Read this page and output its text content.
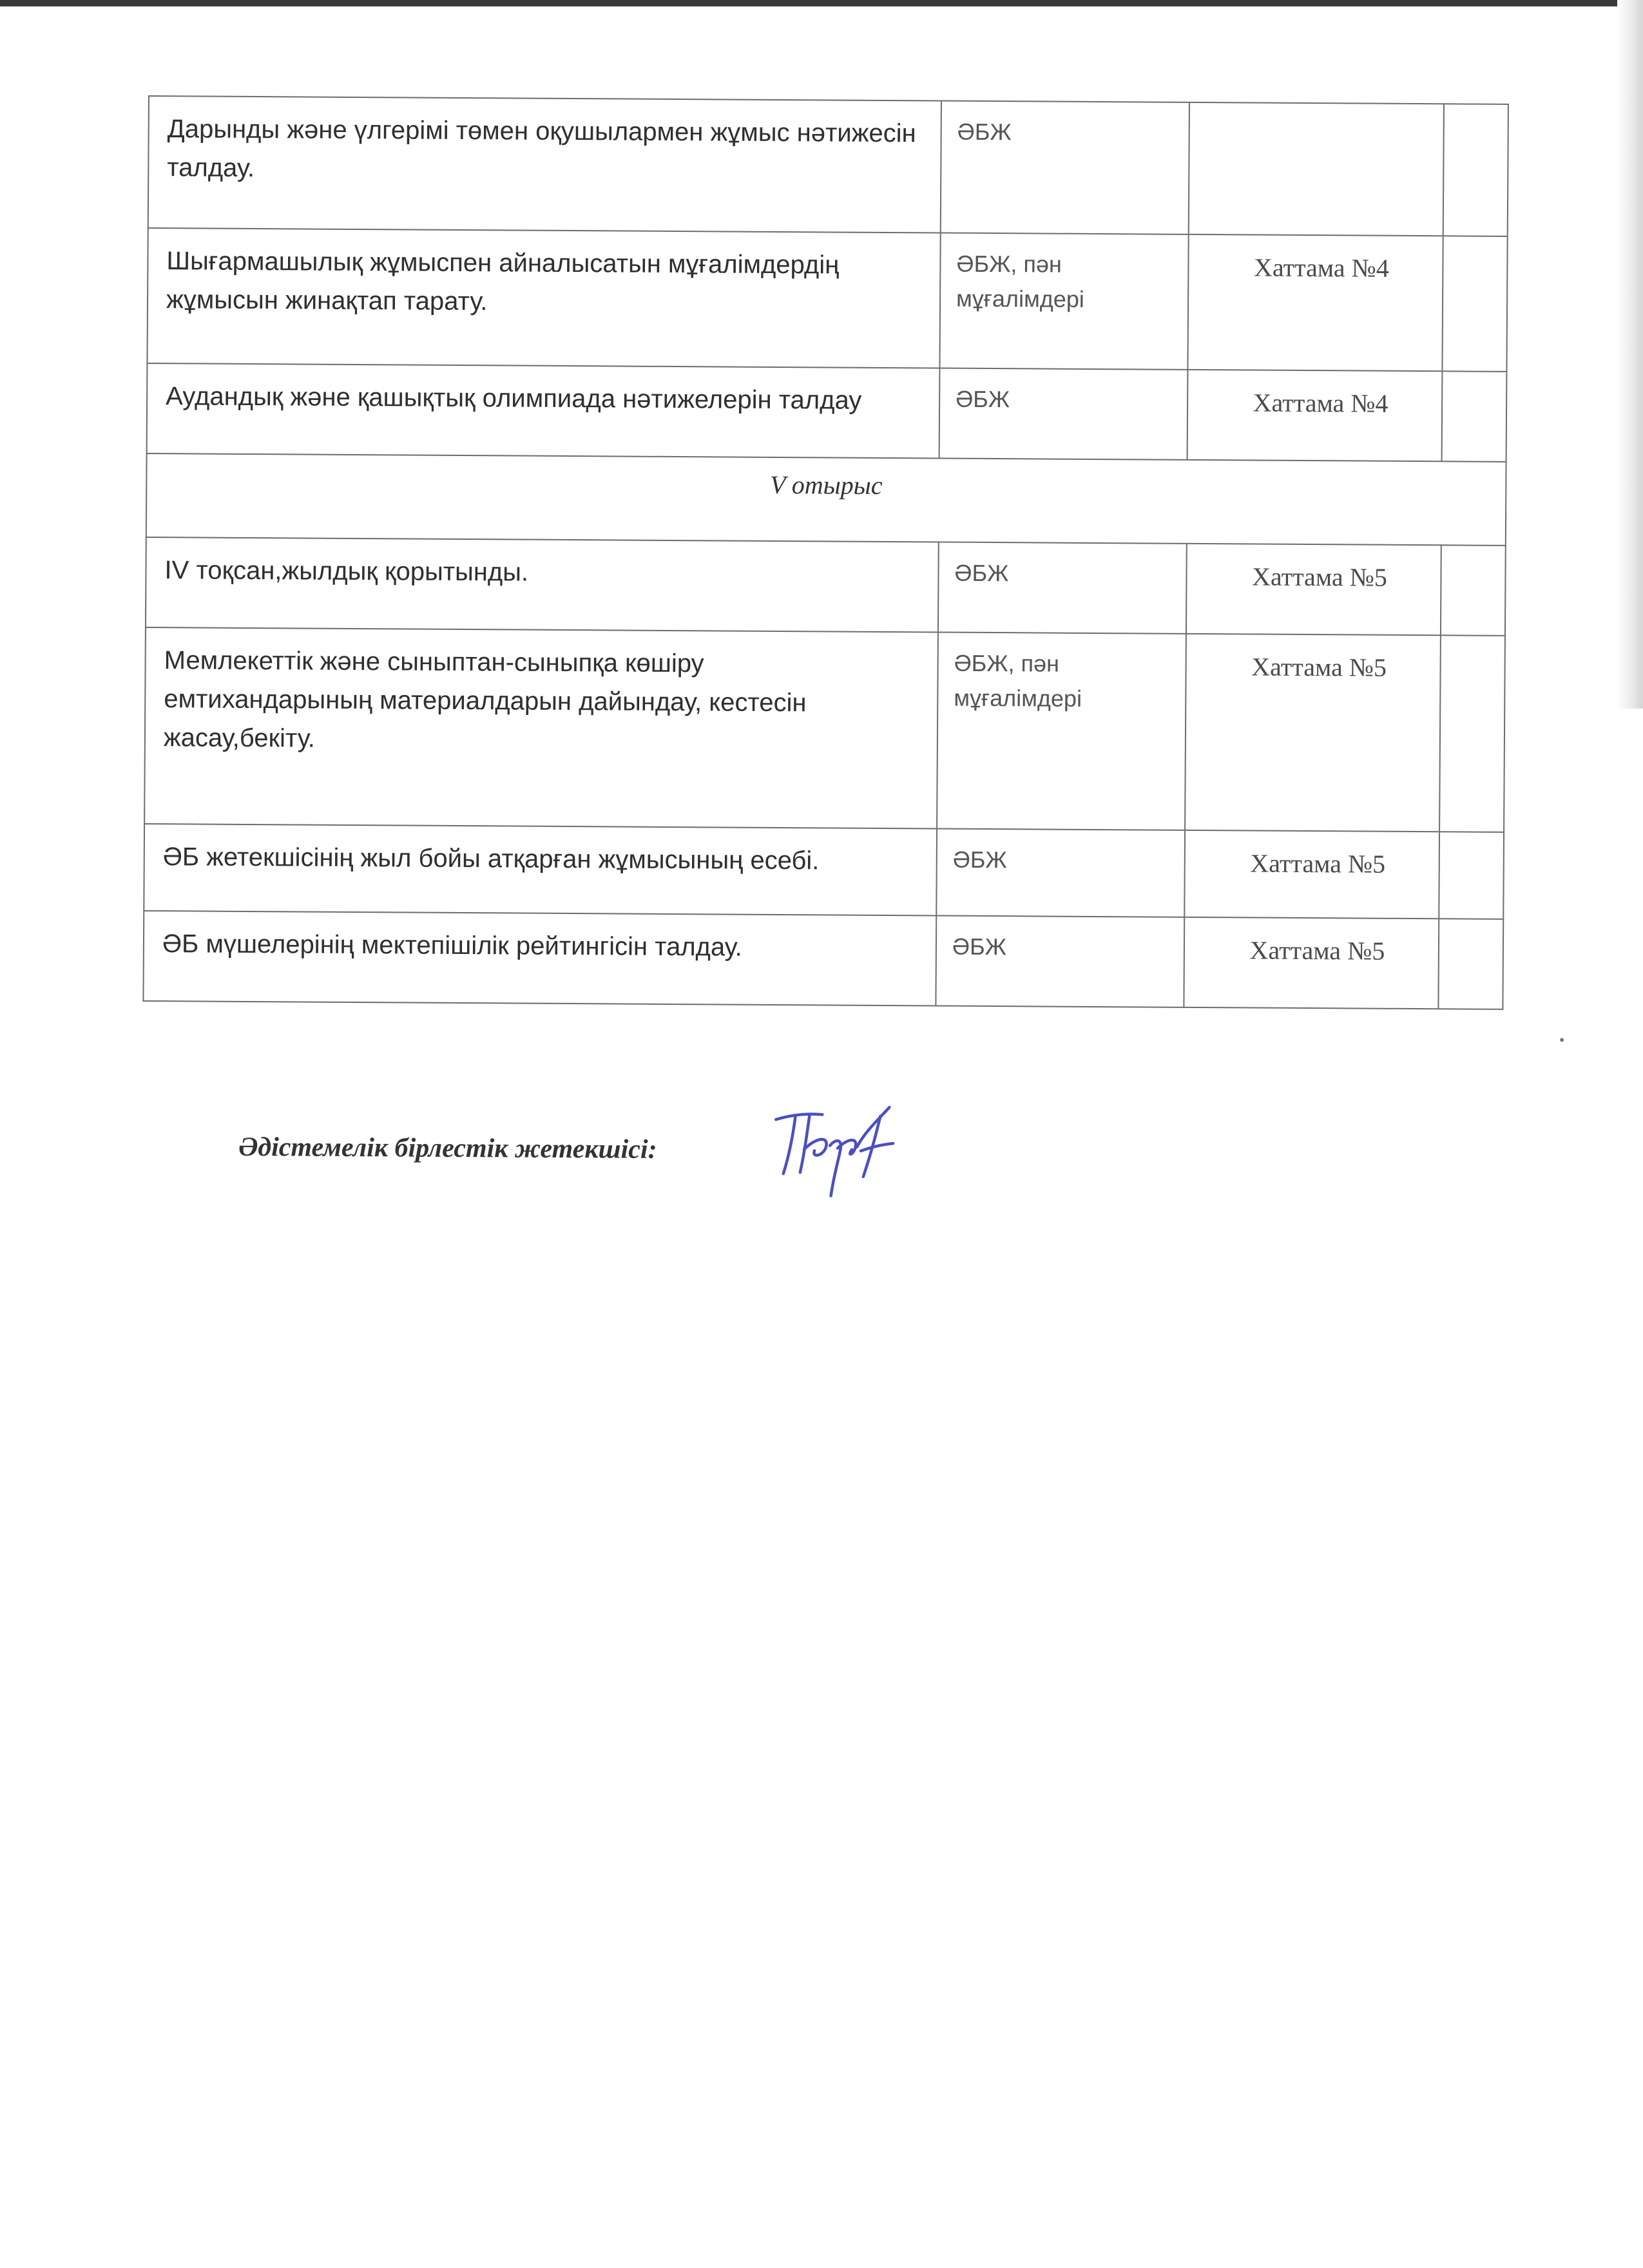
Дарынды және үлгерімі төмен оқушылармен жұмыс нәтижесін талдау.	ӘБЖ		
Шығармашылық жұмыспен айналысатын мұғалімдердің жұмысын жинақтап тарату.	ӘБЖ, пән мұғалімдері	Хаттама №4	
Аудандық және қашықтық олимпиада нәтижелерін талдау	ӘБЖ	Хаттама №4	
V отырыс			
IV тоқсан,жылдық қорытынды.	ӘБЖ	Хаттама №5	
Мемлекеттік және сыныптан-сыныпқа көшіру емтихандарының материалдарын дайындау, кестесін жасау,бекіту.	ӘБЖ, пән мұғалімдері	Хаттама №5	
ӘБ жетекшісінің жыл бойы атқарған жұмысының есебі.	ӘБЖ	Хаттама №5	
ӘБ мүшелерінің мектепішілік рейтингісін талдау.	ӘБЖ	Хаттама №5	
Әдістемелік бірлестік жетекшісі:
